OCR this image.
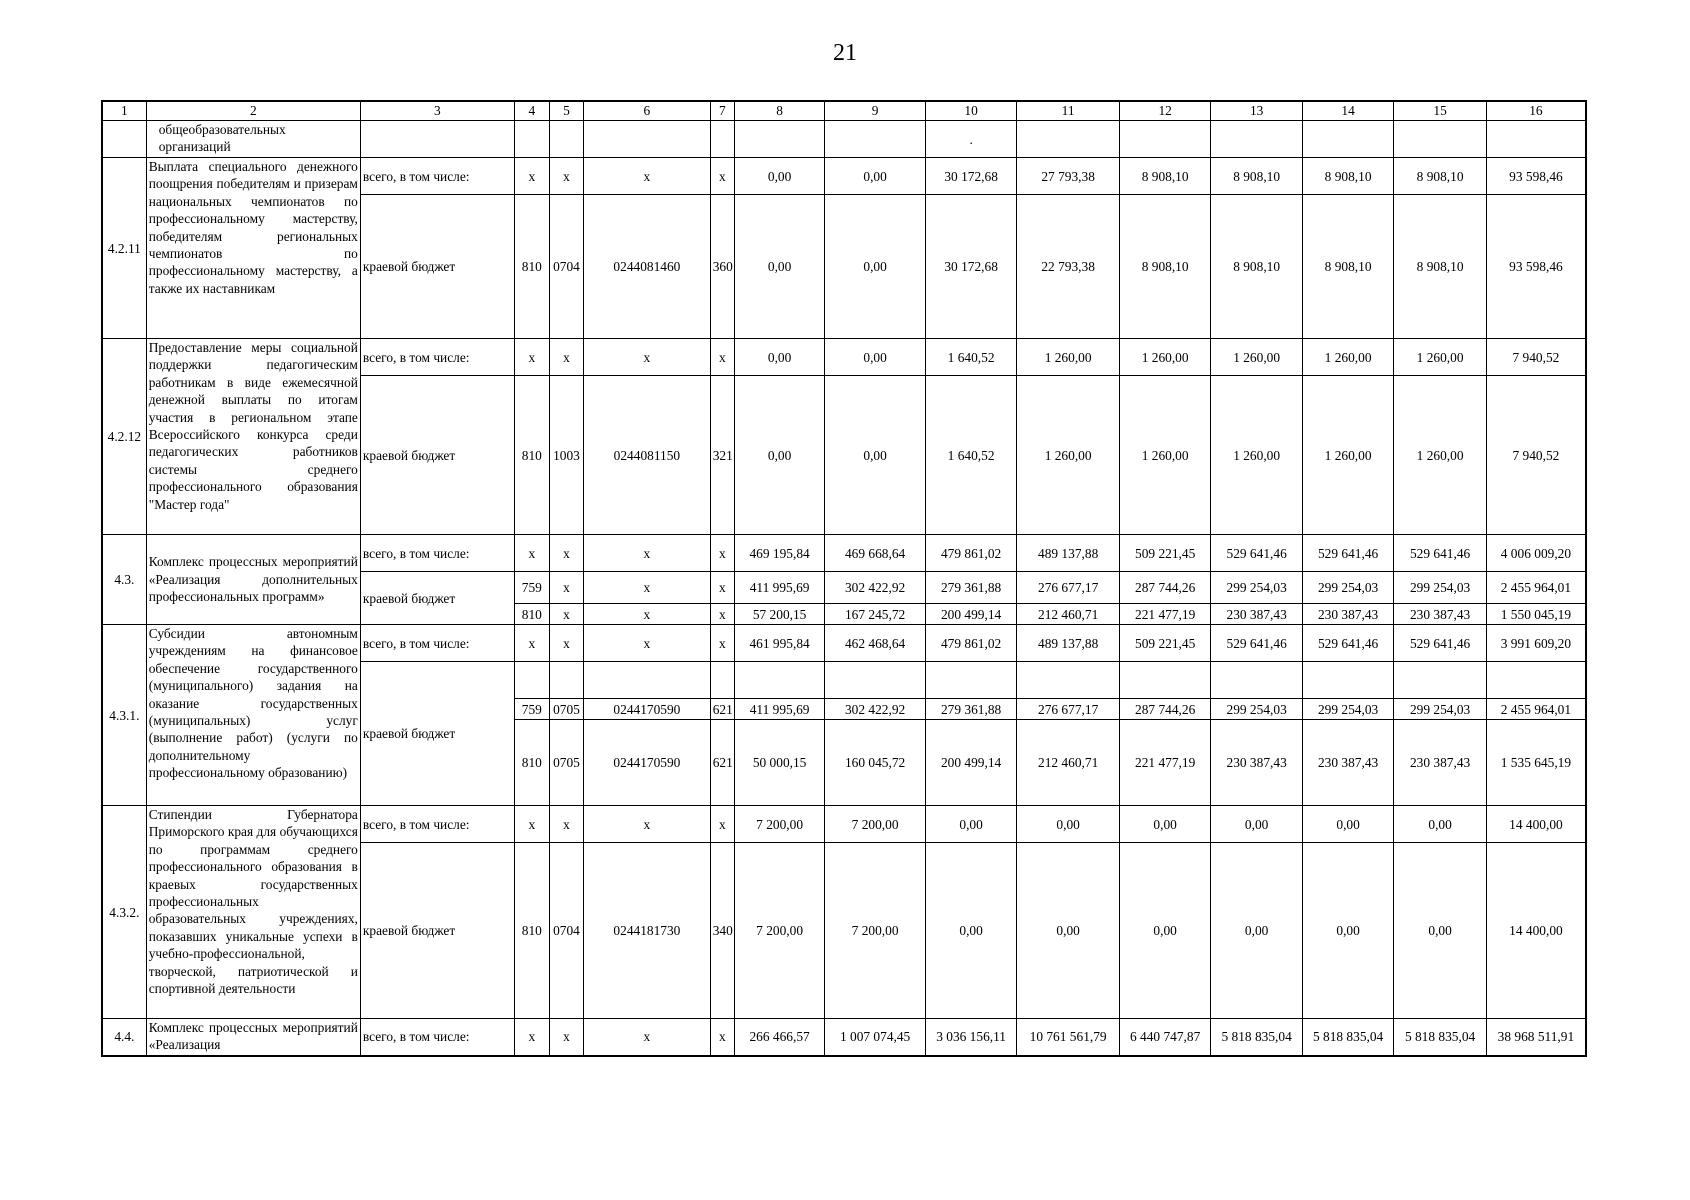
21
1	2	3	4	5	6	7	8	9	10	11	12	13	14	15	16
	общеобразовательных организаций								.						
4.2.11	Выплата специального денежного поощрения победителям и призерам национальных чемпионатов по профессиональному мастерству, победителям региональных чемпионатов по профессиональному мастерству, а также их наставникам	всего, в том числе:	x	x	x	x	0,00	0,00	30 172,68	27 793,38	8 908,10	8 908,10	8 908,10	8 908,10	93 598,46
		краевой бюджет	810	0704	0244081460	360	0,00	0,00	30 172,68	22 793,38	8 908,10	8 908,10	8 908,10	8 908,10	93 598,46
4.2.12	Предоставление меры социальной поддержки педагогическим работникам в виде ежемесячной денежной выплаты по итогам участия в региональном этапе Всероссийского конкурса среди педагогических работников системы среднего профессионального образования "Мастер года"	всего, в том числе:	x	x	x	x	0,00	0,00	1 640,52	1 260,00	1 260,00	1 260,00	1 260,00	1 260,00	7 940,52
		краевой бюджет	810	1003	0244081150	321	0,00	0,00	1 640,52	1 260,00	1 260,00	1 260,00	1 260,00	1 260,00	7 940,52
4.3.	Комплекс процессных мероприятий «Реализация дополнительных профессиональных программ»	всего, в том числе:	x	x	x	x	469 195,84	469 668,64	479 861,02	489 137,88	509 221,45	529 641,46	529 641,46	529 641,46	4 006 009,20
		краевой бюджет	759	x	x	x	411 995,69	302 422,92	279 361,88	276 677,17	287 744,26	299 254,03	299 254,03	299 254,03	2 455 964,01
			810	x	x	x	57 200,15	167 245,72	200 499,14	212 460,71	221 477,19	230 387,43	230 387,43	230 387,43	1 550 045,19
4.3.1.	Субсидии автономным учреждениям на финансовое обеспечение государственного (муниципального) задания на оказание государственных (муниципальных) услуг (выполнение работ) (услуги по дополнительному профессиональному образованию)	всего, в том числе:	x	x	x	x	461 995,84	462 468,64	479 861,02	489 137,88	509 221,45	529 641,46	529 641,46	529 641,46	3 991 609,20
		краевой бюджет													
			759	0705	0244170590	621	411 995,69	302 422,92	279 361,88	276 677,17	287 744,26	299 254,03	299 254,03	299 254,03	2 455 964,01
			810	0705	0244170590	621	50 000,15	160 045,72	200 499,14	212 460,71	221 477,19	230 387,43	230 387,43	230 387,43	1 535 645,19
4.3.2.	Стипендии Губернатора Приморского края для обучающихся по программам среднего профессионального образования в краевых государственных профессиональных образовательных учреждениях, показавших уникальные успехи в учебно-профессиональной, творческой, патриотической и спортивной деятельности	всего, в том числе:	x	x	x	x	7 200,00	7 200,00	0,00	0,00	0,00	0,00	0,00	0,00	14 400,00
		краевой бюджет	810	0704	0244181730	340	7 200,00	7 200,00	0,00	0,00	0,00	0,00	0,00	0,00	14 400,00
4.4.	Комплекс процессных мероприятий «Реализация	всего, в том числе:	x	x	x	x	266 466,57	1 007 074,45	3 036 156,11	10 761 561,79	6 440 747,87	5 818 835,04	5 818 835,04	5 818 835,04	38 968 511,91
